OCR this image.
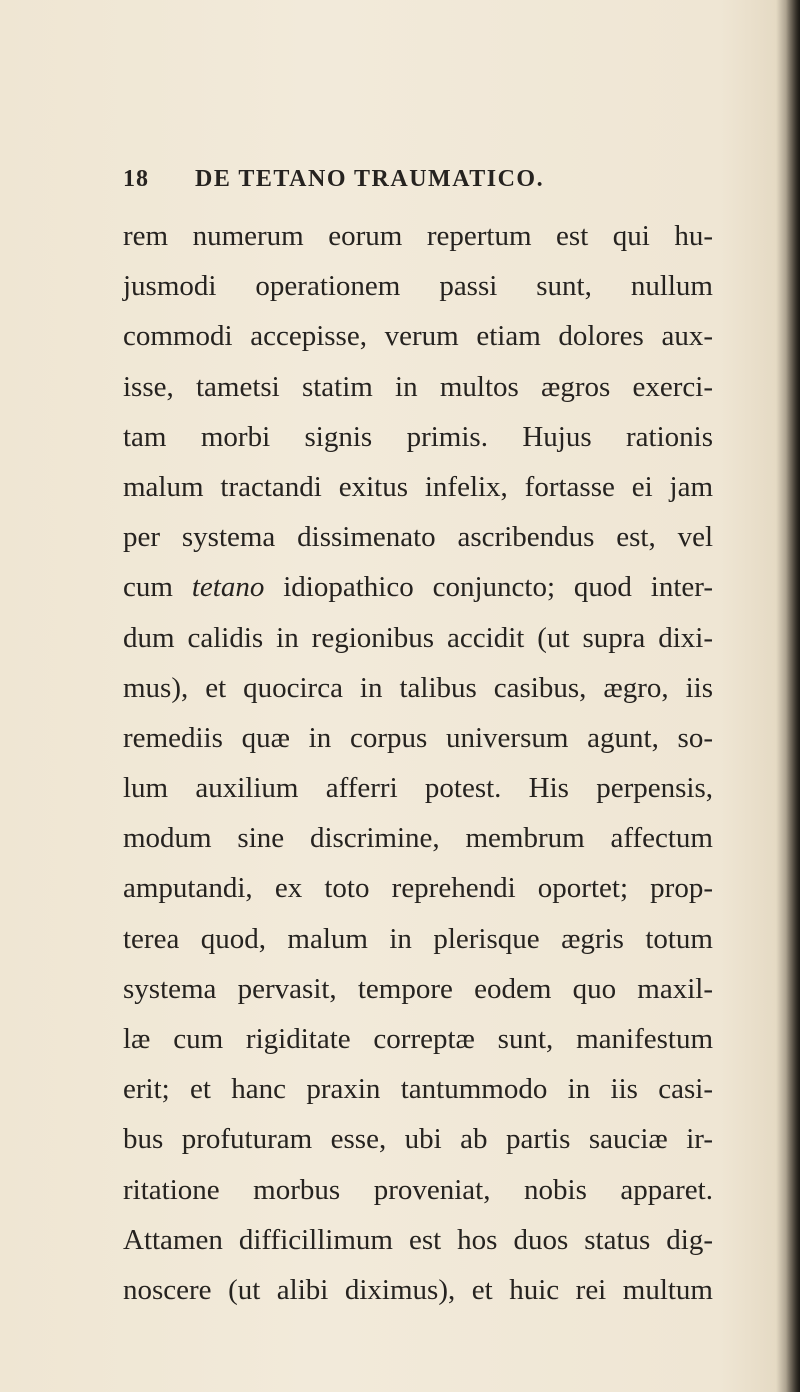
18 DE TETANO TRAUMATICO.
rem numerum eorum repertum est qui hu-
jusmodi operationem passi sunt, nullum
commodi accepisse, verum etiam dolores aux-
isse, tametsi statim in multos ægros exerci-
tam morbi signis primis. Hujus rationis
malum tractandi exitus infelix, fortasse ei jam
per systema dissimenato ascribendus est, vel
cum tetano idiopathico conjuncto; quod inter-
dum calidis in regionibus accidit (ut supra dixi-
mus), et quocirca in talibus casibus, ægro, iis
remediis quæ in corpus universum agunt, so-
lum auxilium afferri potest. His perpensis,
modum sine discrimine, membrum affectum
amputandi, ex toto reprehendi oportet; prop-
terea quod, malum in plerisque ægris totum
systema pervasit, tempore eodem quo maxil-
læ cum rigiditate correptæ sunt, manifestum
erit; et hanc praxin tantummodo in iis casi-
bus profuturam esse, ubi ab partis sauciæ ir-
ritatione morbus proveniat, nobis apparet.
Attamen difficillimum est hos duos status dig-
noscere (ut alibi diximus), et huic rei multum
